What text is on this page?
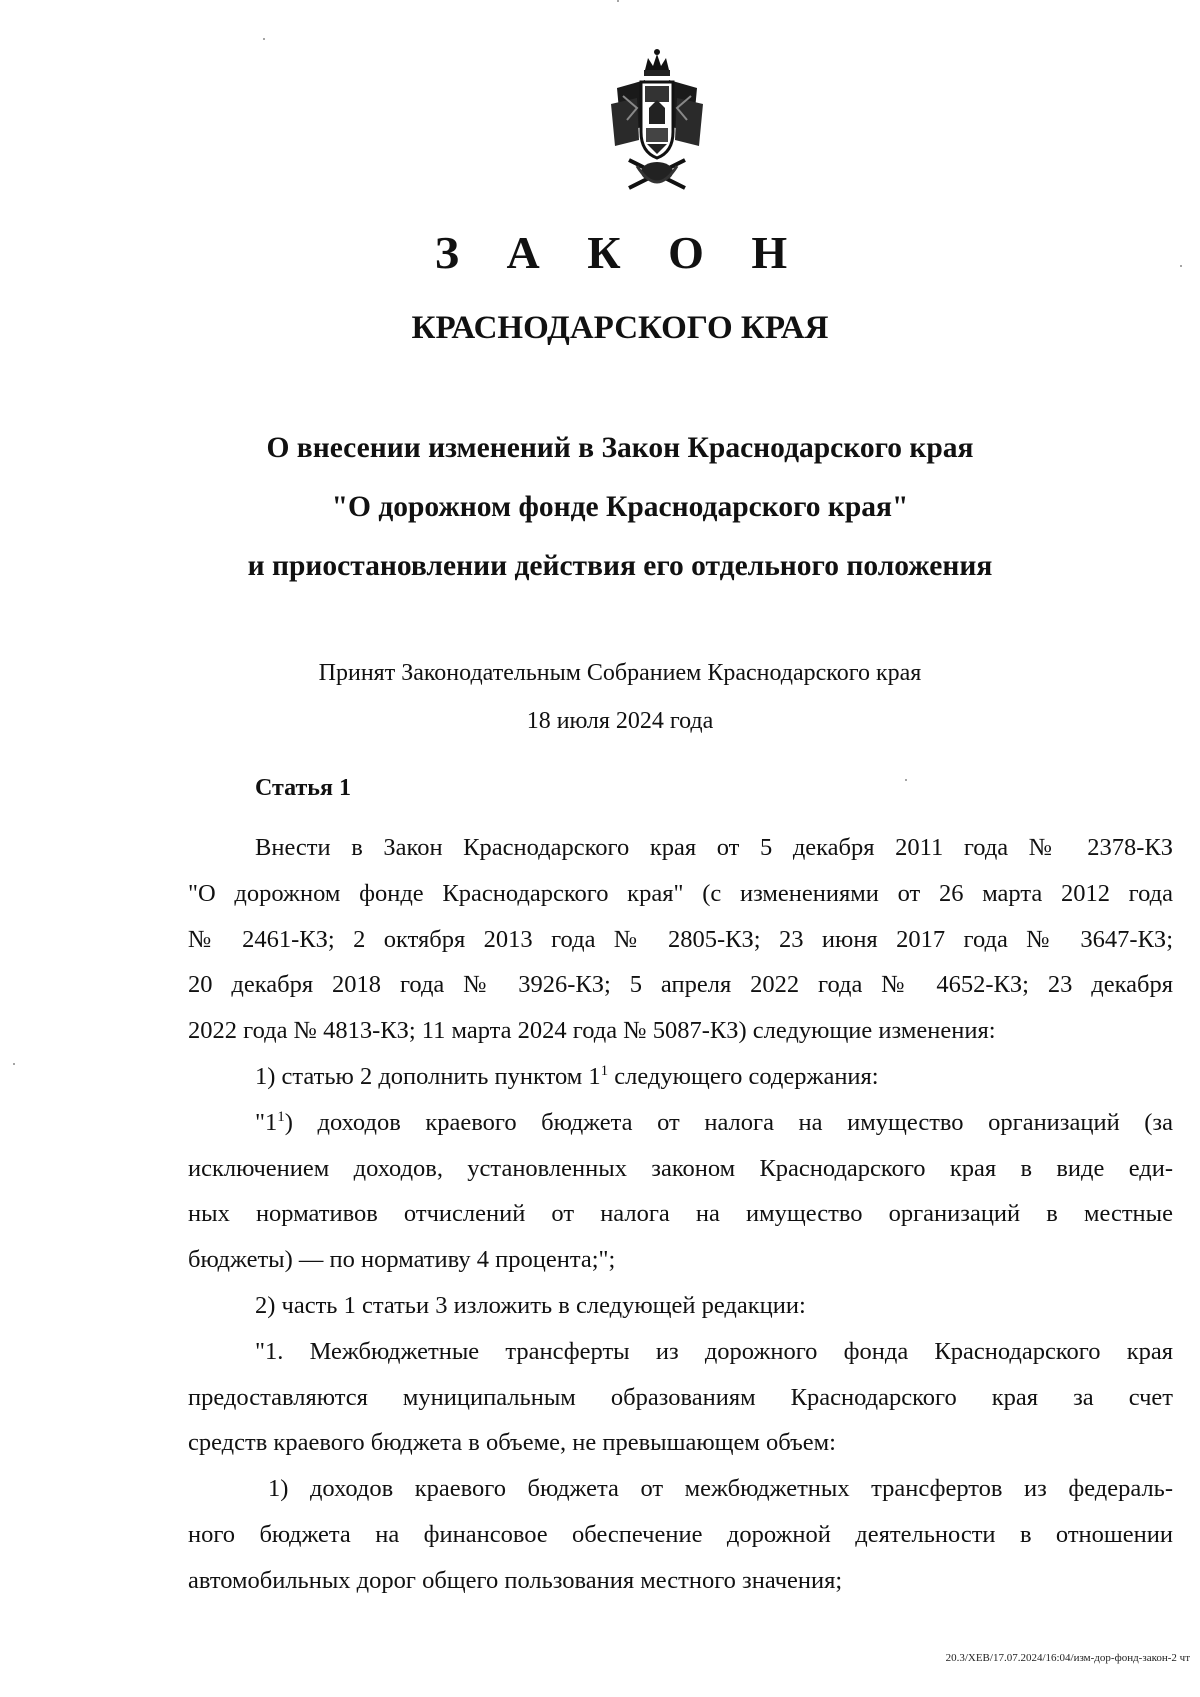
З А К О Н
КРАСНОДАРСКОГО КРАЯ
О внесении изменений в Закон Краснодарского края
"О дорожном фонде Краснодарского края"
и приостановлении действия его отдельного положения
Принят Законодательным Собранием Краснодарского края
18 июля 2024 года
Статья 1

Внести в Закон Краснодарского края от 5 декабря 2011 года № 2378-КЗ

"О дорожном фонде Краснодарского края" (с изменениями от 26 марта 2012 года

№ 2461-КЗ; 2 октября 2013 года № 2805-КЗ; 23 июня 2017 года № 3647-КЗ;

20 декабря 2018 года № 3926-КЗ; 5 апреля 2022 года № 4652-КЗ; 23 декабря

2022 года № 4813-КЗ; 11 марта 2024 года № 5087-КЗ) следующие изменения:

1) статью 2 дополнить пунктом $1^1$ следующего содержания:

"$1^1$) доходов краевого бюджета от налога на имущество организаций (за

исключением доходов, установленных законом Краснодарского края в виде еди-

ных нормативов отчислений от налога на имущество организаций в местные

бюджеты) — по нормативу 4 процента;";

2) часть 1 статьи 3 изложить в следующей редакции:

"1. Межбюджетные трансферты из дорожного фонда Краснодарского края

предоставляются муниципальным образованиям Краснодарского края за счет

средств краевого бюджета в объеме, не превышающем объем:

1) доходов краевого бюджета от межбюджетных трансфертов из федераль-

ного бюджета на финансовое обеспечение дорожной деятельности в отношении

автомобильных дорог общего пользования местного значения;

20.3/ХЕВ/17.07.2024/16:04/изм-дор-фонд-закон-2 чт
